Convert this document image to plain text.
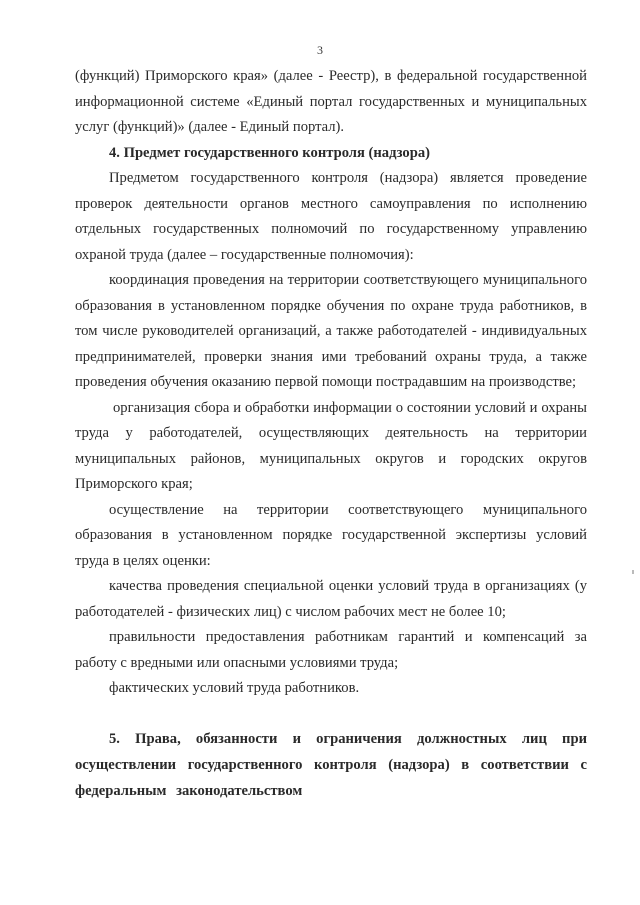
3

(функций) Приморского края» (далее - Реестр), в федеральной государственной информационной системе «Единый портал государственных и муниципальных услуг (функций)» (далее - Единый портал).

4. Предмет государственного контроля (надзора)

Предметом государственного контроля (надзора) является проведение проверок деятельности органов местного самоуправления по исполнению отдельных государственных полномочий по государственному управлению охраной труда (далее – государственные полномочия):

координация проведения на территории соответствующего муниципального образования в установленном порядке обучения по охране труда работников, в том числе руководителей организаций, а также работодателей - индивидуальных предпринимателей, проверки знания ими требований охраны труда, а также проведения обучения оказанию первой помощи пострадавшим на производстве;

организация сбора и обработки информации о состоянии условий и охраны труда у работодателей, осуществляющих деятельность на территории муниципальных районов, муниципальных округов и городских округов Приморского края;

осуществление на территории соответствующего муниципального образования в установленном порядке государственной экспертизы условий труда в целях оценки:

качества проведения специальной оценки условий труда в организациях (у работодателей - физических лиц) с числом рабочих мест не более 10;

правильности предоставления работникам гарантий и компенсаций за работу с вредными или опасными условиями труда;

фактических условий труда работников.

5. Права, обязанности и ограничения должностных лиц при осуществлении государственного контроля (надзора) в соответствии с федеральным законодательством
